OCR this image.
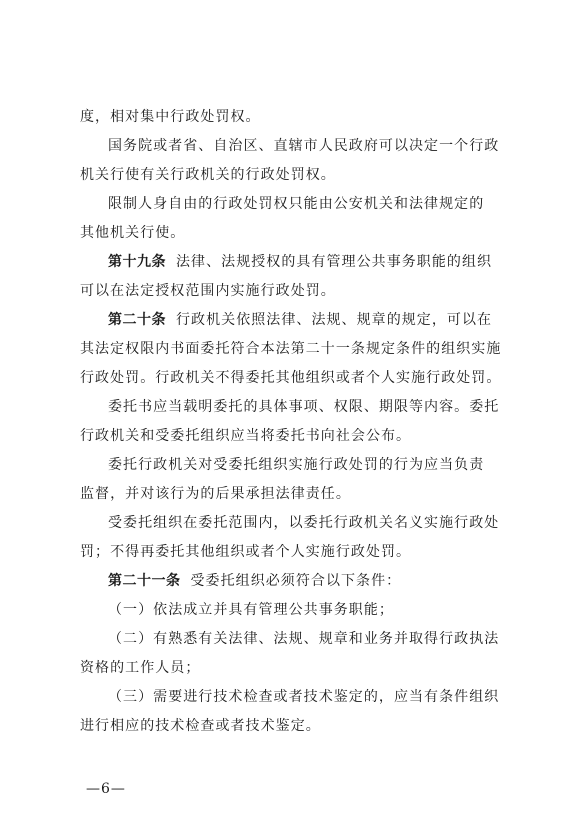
度，相对集中行政处罚权。
国务院或者省、自治区、直辖市人民政府可以决定一个行政
机关行使有关行政机关的行政处罚权。
限制人身自由的行政处罚权只能由公安机关和法律规定的
其他机关行使。
第十九条 法律、法规授权的具有管理公共事务职能的组织
可以在法定授权范围内实施行政处罚。
第二十条 行政机关依照法律、法规、规章的规定，可以在
其法定权限内书面委托符合本法第二十一条规定条件的组织实施
行政处罚。行政机关不得委托其他组织或者个人实施行政处罚。
委托书应当载明委托的具体事项、权限、期限等内容。委托
行政机关和受委托组织应当将委托书向社会公布。
委托行政机关对受委托组织实施行政处罚的行为应当负责
监督，并对该行为的后果承担法律责任。
受委托组织在委托范围内，以委托行政机关名义实施行政处
罚；不得再委托其他组织或者个人实施行政处罚。
第二十一条 受委托组织必须符合以下条件：
（一）依法成立并具有管理公共事务职能；
（二）有熟悉有关法律、法规、规章和业务并取得行政执法
资格的工作人员；
（三）需要进行技术检查或者技术鉴定的，应当有条件组织
进行相应的技术检查或者技术鉴定。
—6—
